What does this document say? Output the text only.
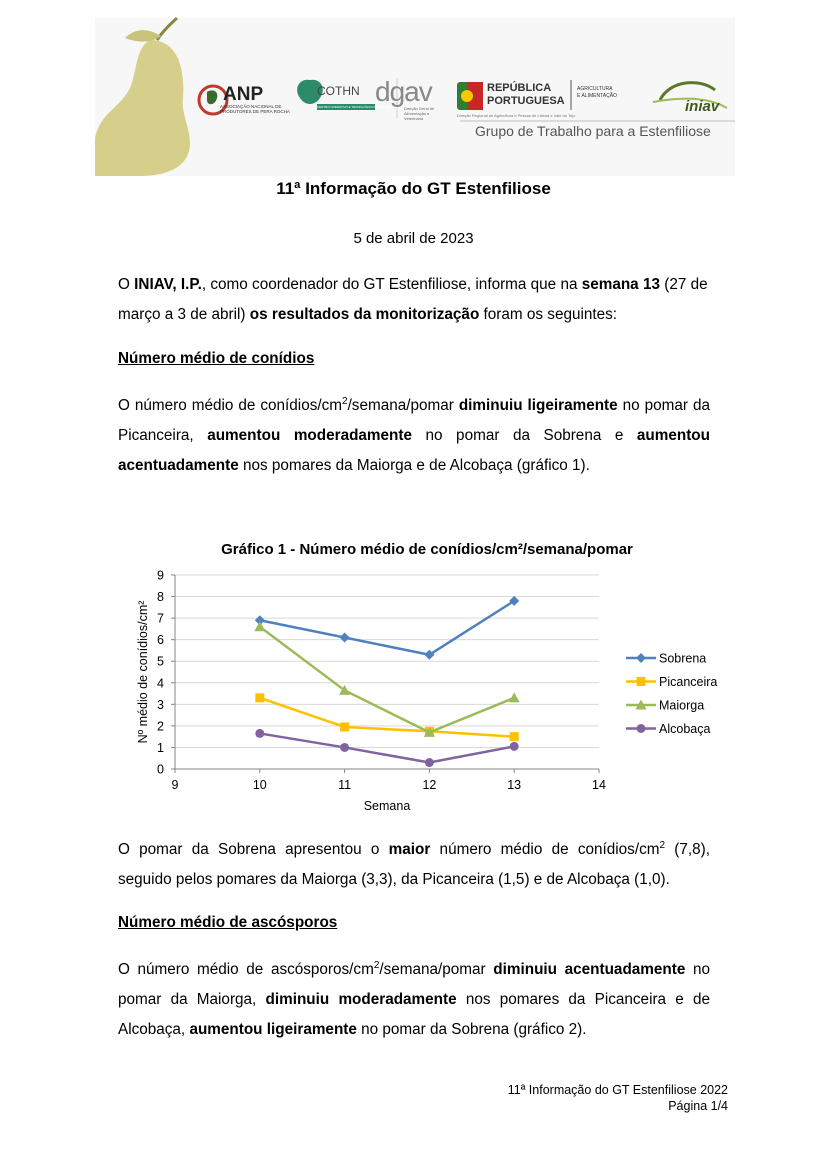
ANP
ASSOCIAÇÃO NACIONAL DE PRODUTORES DE PERA ROCHA
COTHN
CENTRO OPERATIVO E TECNOLÓGICO HORTOFRUTÍCOLA NACIONAL
dgav
Direção Geral de Alimentação e Veterinária
REPÚBLICA
PORTUGUESA
AGRICULTURA
E ALIMENTAÇÃO
Direção Regional de Agricultura e Pescas de Lisboa e Vale do Tejo
iniav
Grupo de Trabalho para a Estenfiliose
11ª Informação do GT Estenfiliose
5 de abril de 2023
O INIAV, I.P., como coordenador do GT Estenfiliose, informa que na semana 13 (27 de março a 3 de abril) os resultados da monitorização foram os seguintes:
Número médio de conídios
O número médio de conídios/$cm^2/semana$/pomar diminuiu ligeiramente no pomar da Picanceira, aumentou moderadamente no pomar da Sobrena e aumentou acentuadamente nos pomares da Maiorga e de Alcobaça (gráfico 1).
Gráfico 1 - Número médio de conídios/cm²/semana/pomar
0
1
2
3
4
5
6
7
8
9
9	10	11	12	13	14
Sobrena
Picanceira
Maiorga
Alcobaça
Semana
Nº médio de conídios/cm²
O pomar da Sobrena apresentou o maior número médio de conídios/$cm^2$ (7,8), seguido pelos pomares da Maiorga (3,3), da Picanceira (1,5) e de Alcobaça (1,0).
Número médio de ascósporos
O número médio de ascósporos/$cm^2/semana$/pomar diminuiu acentuadamente no pomar da Maiorga, diminuiu moderadamente nos pomares da Picanceira e de Alcobaça, aumentou ligeiramente no pomar da Sobrena (gráfico 2).
11ª Informação do GT Estenfiliose 2022
Página 1/4
